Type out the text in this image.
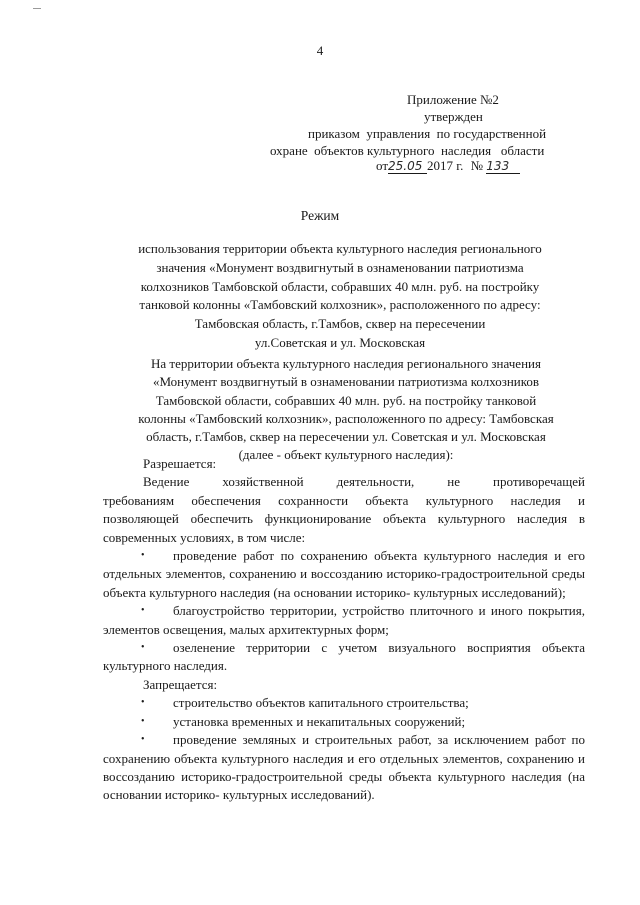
4
Приложение №2
утвержден
приказом  управления  по государственной
охране  объектов культурного  наследия   области
от25.05 2017 г. № 133
Режим
использования территории объекта культурного наследия регионального
значения «Монумент воздвигнутый в ознаменовании патриотизма
колхозников Тамбовской области, собравших 40 млн. руб. на постройку
танковой колонны «Тамбовский колхозник», расположенного по адресу:
Тамбовская область, г.Тамбов, сквер на пересечении
ул.Советская и ул. Московская
На территории объекта культурного наследия регионального значения
«Монумент воздвигнутый в ознаменовании патриотизма колхозников
Тамбовской области, собравших 40 млн. руб. на постройку танковой
колонны «Тамбовский колхозник», расположенного по адресу: Тамбовская
область, г.Тамбов, сквер на пересечении ул. Советская и ул. Московская
(далее - объект культурного наследия):
Разрешается:
Ведение хозяйственной деятельности, не противоречащей
требованиям обеспечения сохранности объекта культурного наследия и
позволяющей обеспечить функционирование объекта культурного наследия в
современных условиях, в том числе:
• проведение работ по сохранению объекта культурного наследия и его отдельных элементов, сохранению и воссозданию историко-градостроительной среды объекта культурного наследия (на основании историко- культурных исследований);
• благоустройство территории, устройство плиточного и иного покрытия, элементов освещения, малых архитектурных форм;
• озеленение территории с учетом визуального восприятия объекта культурного наследия.
Запрещается:
• строительство объектов капитального строительства;
• установка временных и некапитальных сооружений;
• проведение земляных и строительных работ, за исключением работ по сохранению объекта культурного наследия и его отдельных элементов, сохранению и воссозданию историко-градостроительной среды объекта культурного наследия (на основании историко- культурных исследований).
